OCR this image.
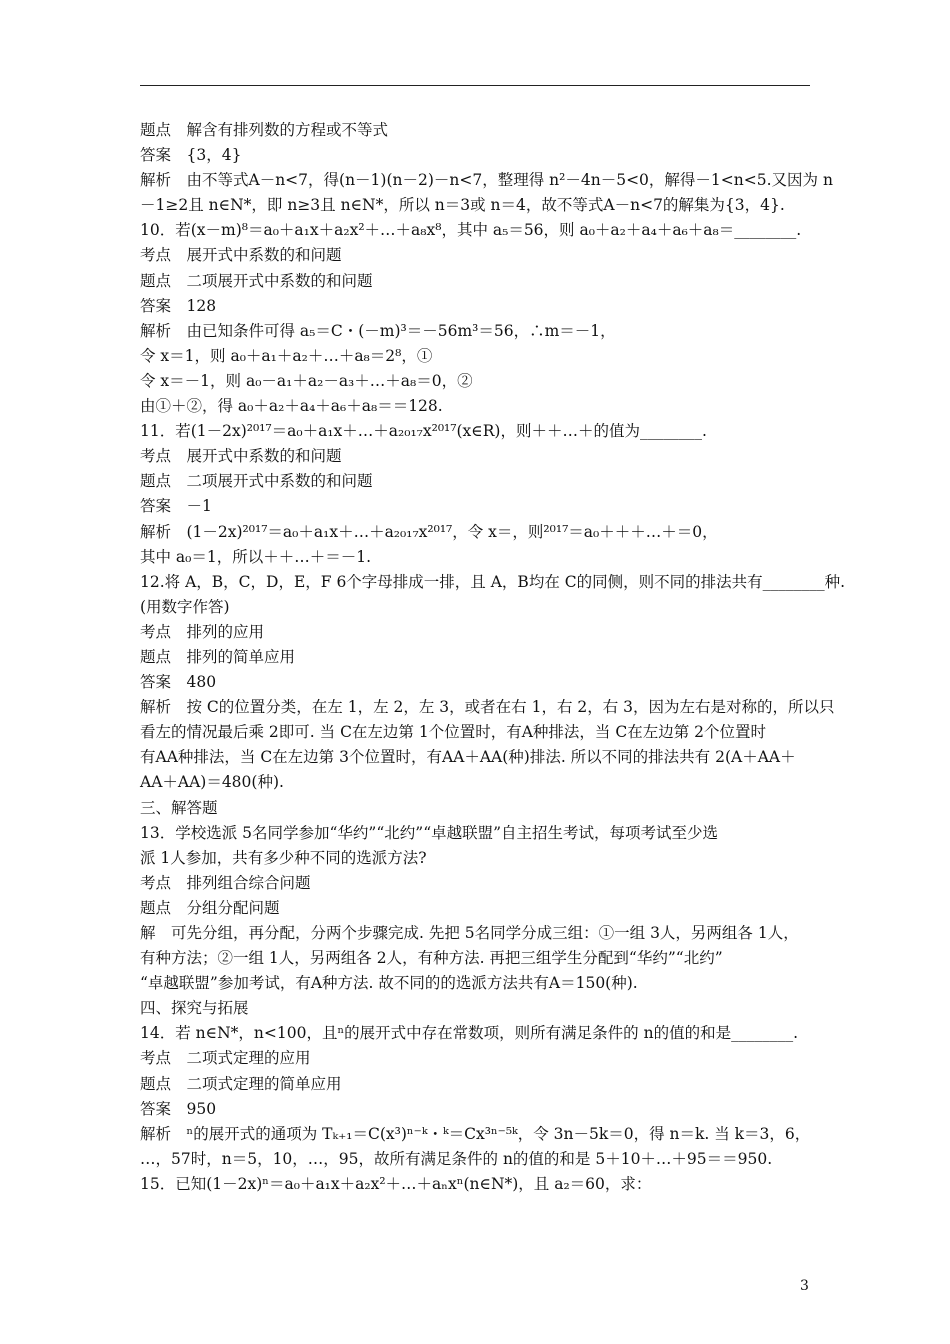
题点　解含有排列数的方程或不等式
答案　{3，4}
解析　由不等式A－n<7，得(n－1)(n－2)－n<7，整理得 n²－4n－5<0，解得－1<n<5.又因为 n
－1≥2且 n∈N*，即 n≥3且 n∈N*，所以 n＝3或 n＝4，故不等式A－n<7的解集为{3，4}.
10．若(x－m)⁸＝a₀＋a₁x＋a₂x²＋…＋a₈x⁸，其中 a₅＝56，则 a₀＋a₂＋a₄＋a₆＋a₈＝________.
考点　展开式中系数的和问题
题点　二项展开式中系数的和问题
答案　128
解析　由已知条件可得 a₅＝C・(－m)³＝－56m³＝56，∴m＝－1，
令 x＝1，则 a₀＋a₁＋a₂＋…＋a₈＝2⁸，①
令 x＝－1，则 a₀－a₁＋a₂－a₃＋…＋a₈＝0，②
由①＋②，得 a₀＋a₂＋a₄＋a₆＋a₈＝＝128.
11．若(1－2x)²⁰¹⁷＝a₀＋a₁x＋…＋a₂₀₁₇x²⁰¹⁷(x∈R)，则＋＋…＋的值为________.
考点　展开式中系数的和问题
题点　二项展开式中系数的和问题
答案　－1
解析　(1－2x)²⁰¹⁷＝a₀＋a₁x＋…＋a₂₀₁₇x²⁰¹⁷，令 x＝，则²⁰¹⁷＝a₀＋＋＋…＋＝0，
其中 a₀＝1，所以＋＋…＋＝－1.
12.将 A，B，C，D，E，F 6个字母排成一排，且 A，B均在 C的同侧，则不同的排法共有________种.
(用数字作答)
考点　排列的应用
题点　排列的简单应用
答案　480
解析　按 C的位置分类，在左 1，左 2，左 3，或者在右 1，右 2，右 3，因为左右是对称的，所以只
看左的情况最后乘 2即可. 当 C在左边第 1个位置时，有A种排法，当 C在左边第 2个位置时
有AA种排法，当 C在左边第 3个位置时，有AA＋AA(种)排法. 所以不同的排法共有 2(A＋AA＋
AA＋AA)＝480(种).
三、解答题
13．学校选派 5名同学参加“华约”“北约”“卓越联盟”自主招生考试，每项考试至少选
派 1人参加，共有多少种不同的选派方法?
考点　排列组合综合问题
题点　分组分配问题
解　可先分组，再分配，分两个步骤完成. 先把 5名同学分成三组：①一组 3人，另两组各 1人，
有种方法；②一组 1人，另两组各 2人，有种方法. 再把三组学生分配到“华约”“北约”
“卓越联盟”参加考试，有A种方法. 故不同的的选派方法共有A＝150(种).
四、探究与拓展
14．若 n∈N*，n<100，且ⁿ的展开式中存在常数项，则所有满足条件的 n的值的和是________.
考点　二项式定理的应用
题点　二项式定理的简单应用
答案　950
解析　ⁿ的展开式的通项为 Tₖ₊₁＝C(x³)ⁿ⁻ᵏ・ᵏ＝Cx³ⁿ⁻⁵ᵏ，令 3n－5k＝0，得 n＝k. 当 k＝3，6，
…，57时，n＝5，10，…，95，故所有满足条件的 n的值的和是 5＋10＋…＋95＝＝950.
15．已知(1－2x)ⁿ＝a₀＋a₁x＋a₂x²＋…＋aₙxⁿ(n∈N*)，且 a₂＝60，求：
3
